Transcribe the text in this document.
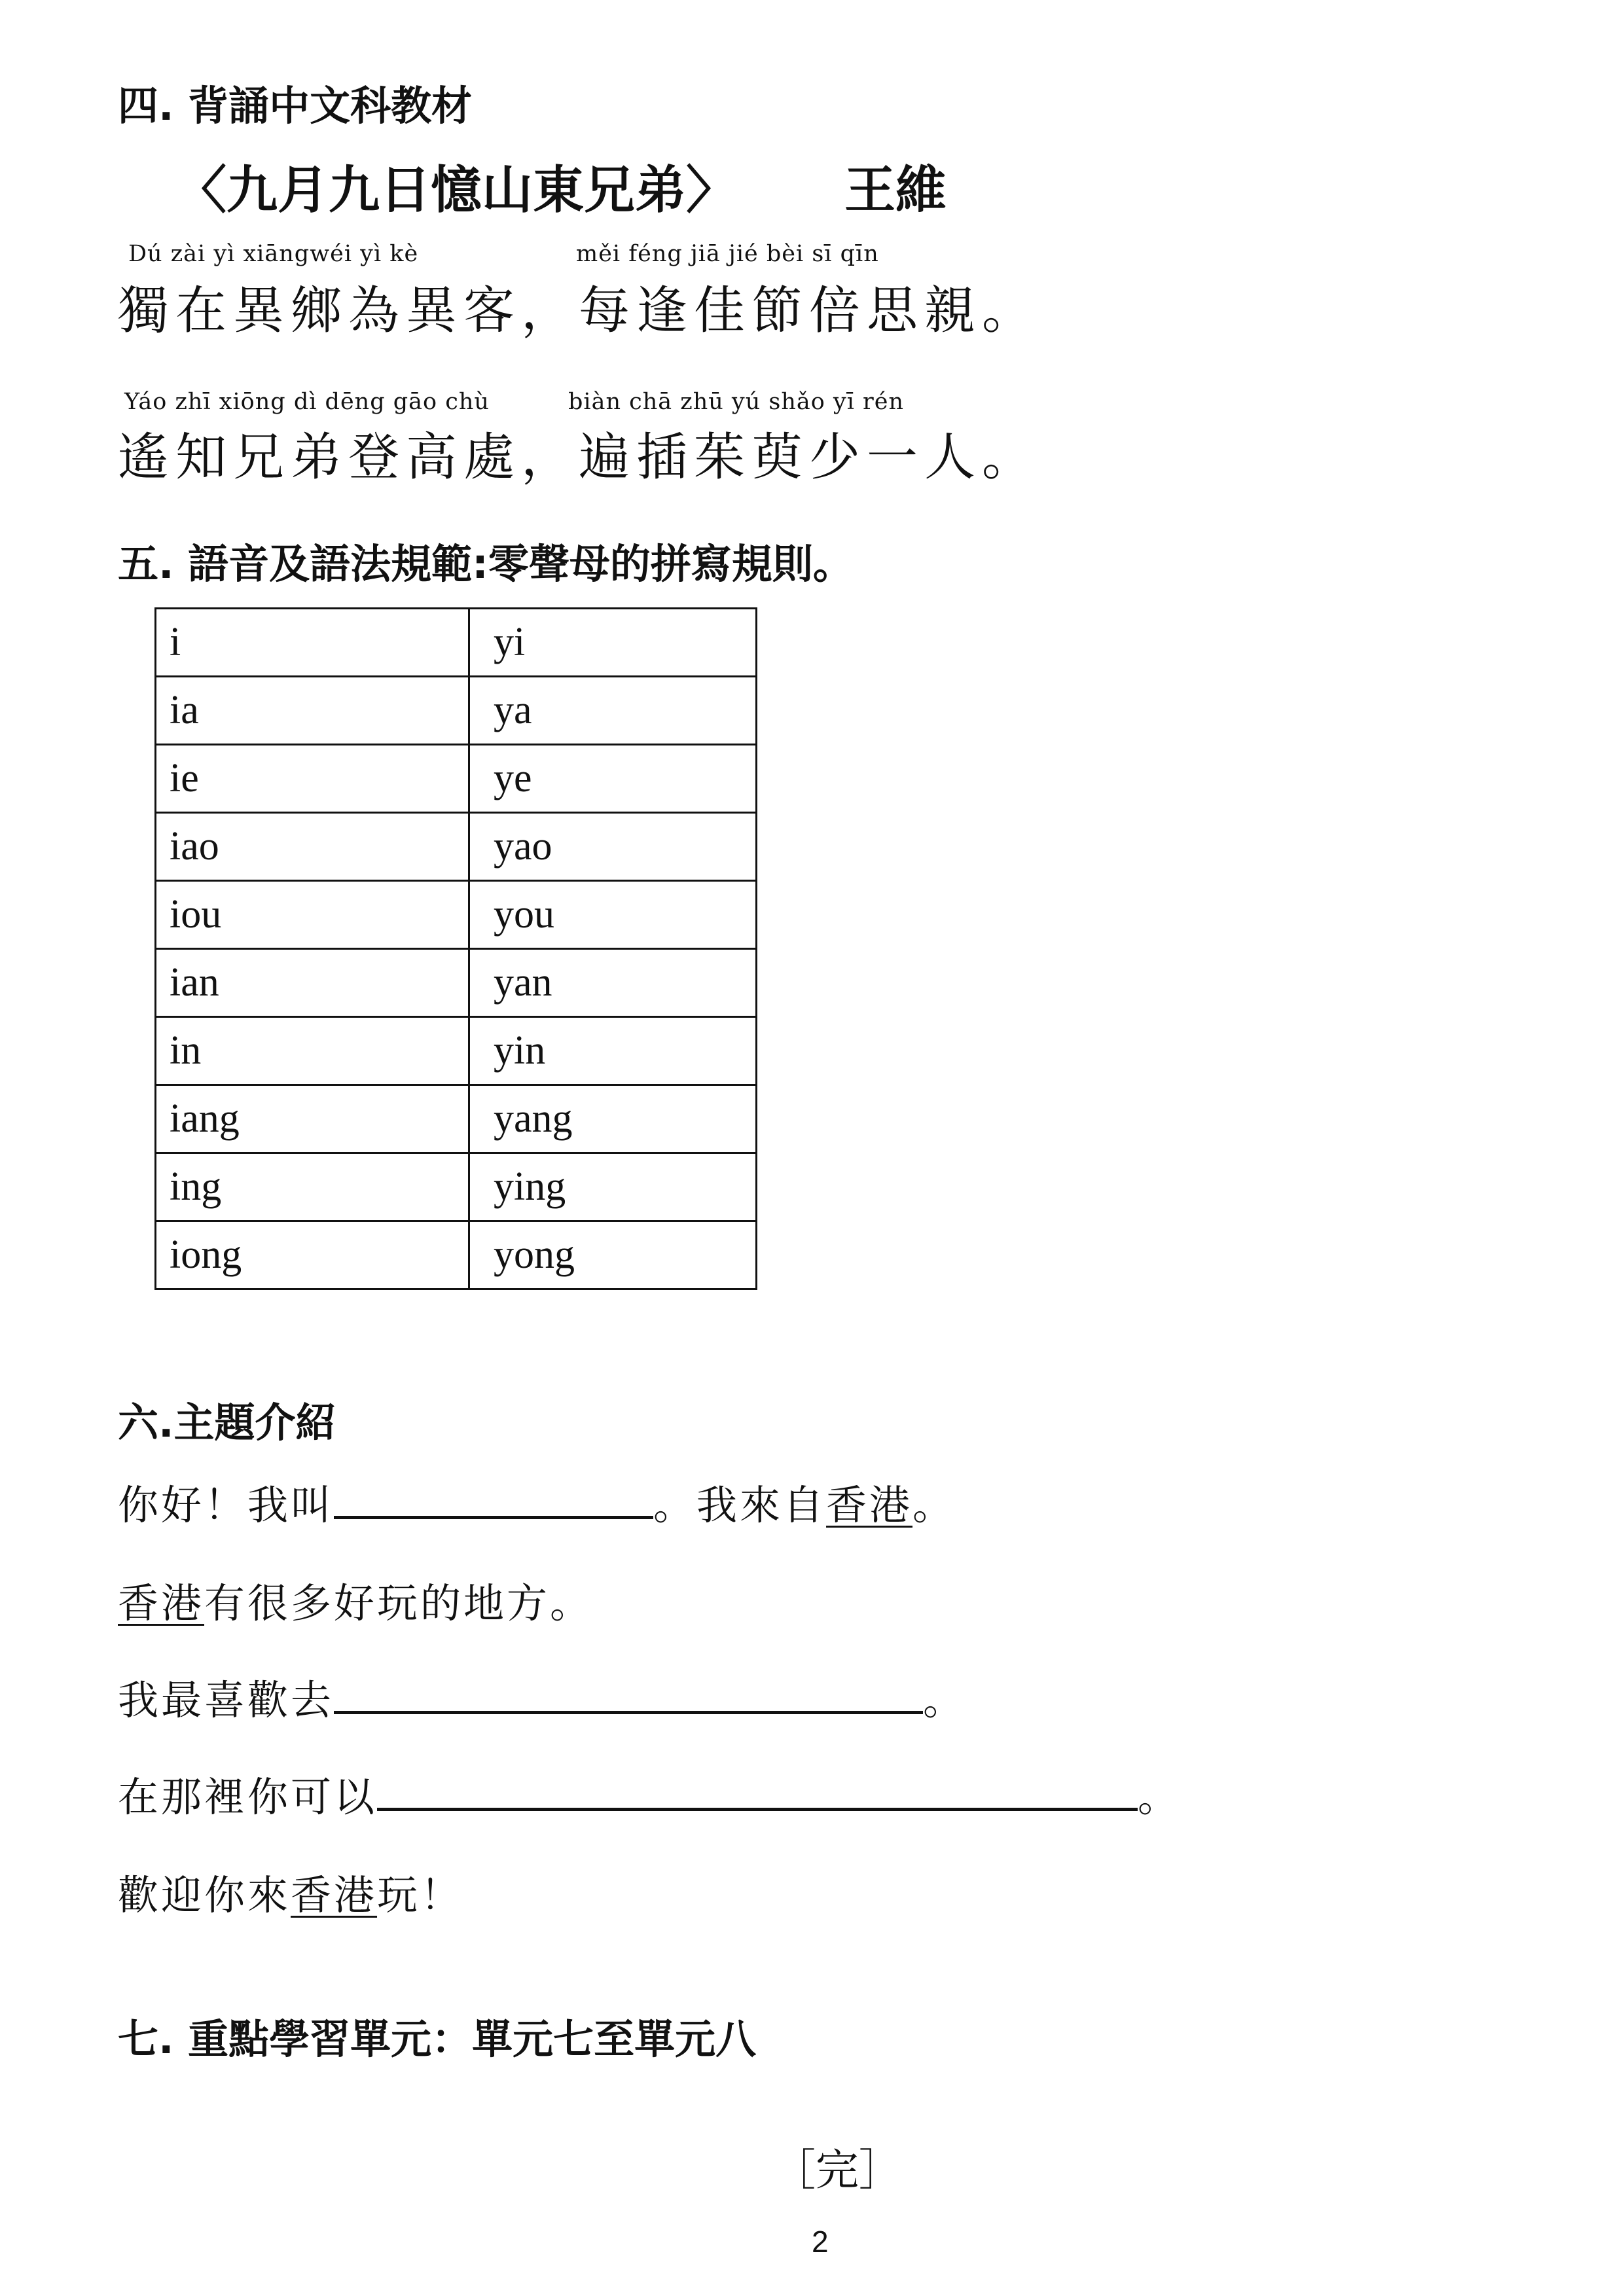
四. 背誦中文科教材
〈九月九日憶山東兄弟〉 王維
Dú zài yì xiāngwéi yì kè	měi féng jiā jié bèi sī qīn
獨在異鄉為異客，每逢佳節倍思親。
Yáo zhī xiōng dì dēng gāo chù	biàn chā zhū yú shǎo yī rén
遙知兄弟登高處，遍插茱萸少一人。
五. 語音及語法規範:零聲母的拼寫規則。
i	yi
ia	ya
ie	ye
iao	yao
iou	you
ian	yan
in	yin
iang	yang
ing	ying
iong	yong
六.主題介紹
你好！我叫	。我來自香港。
香港有很多好玩的地方。
我最喜歡去	。
在那裡你可以	。
歡迎你來香港玩！
七. 重點學習單元：單元七至單元八
［完］
2
